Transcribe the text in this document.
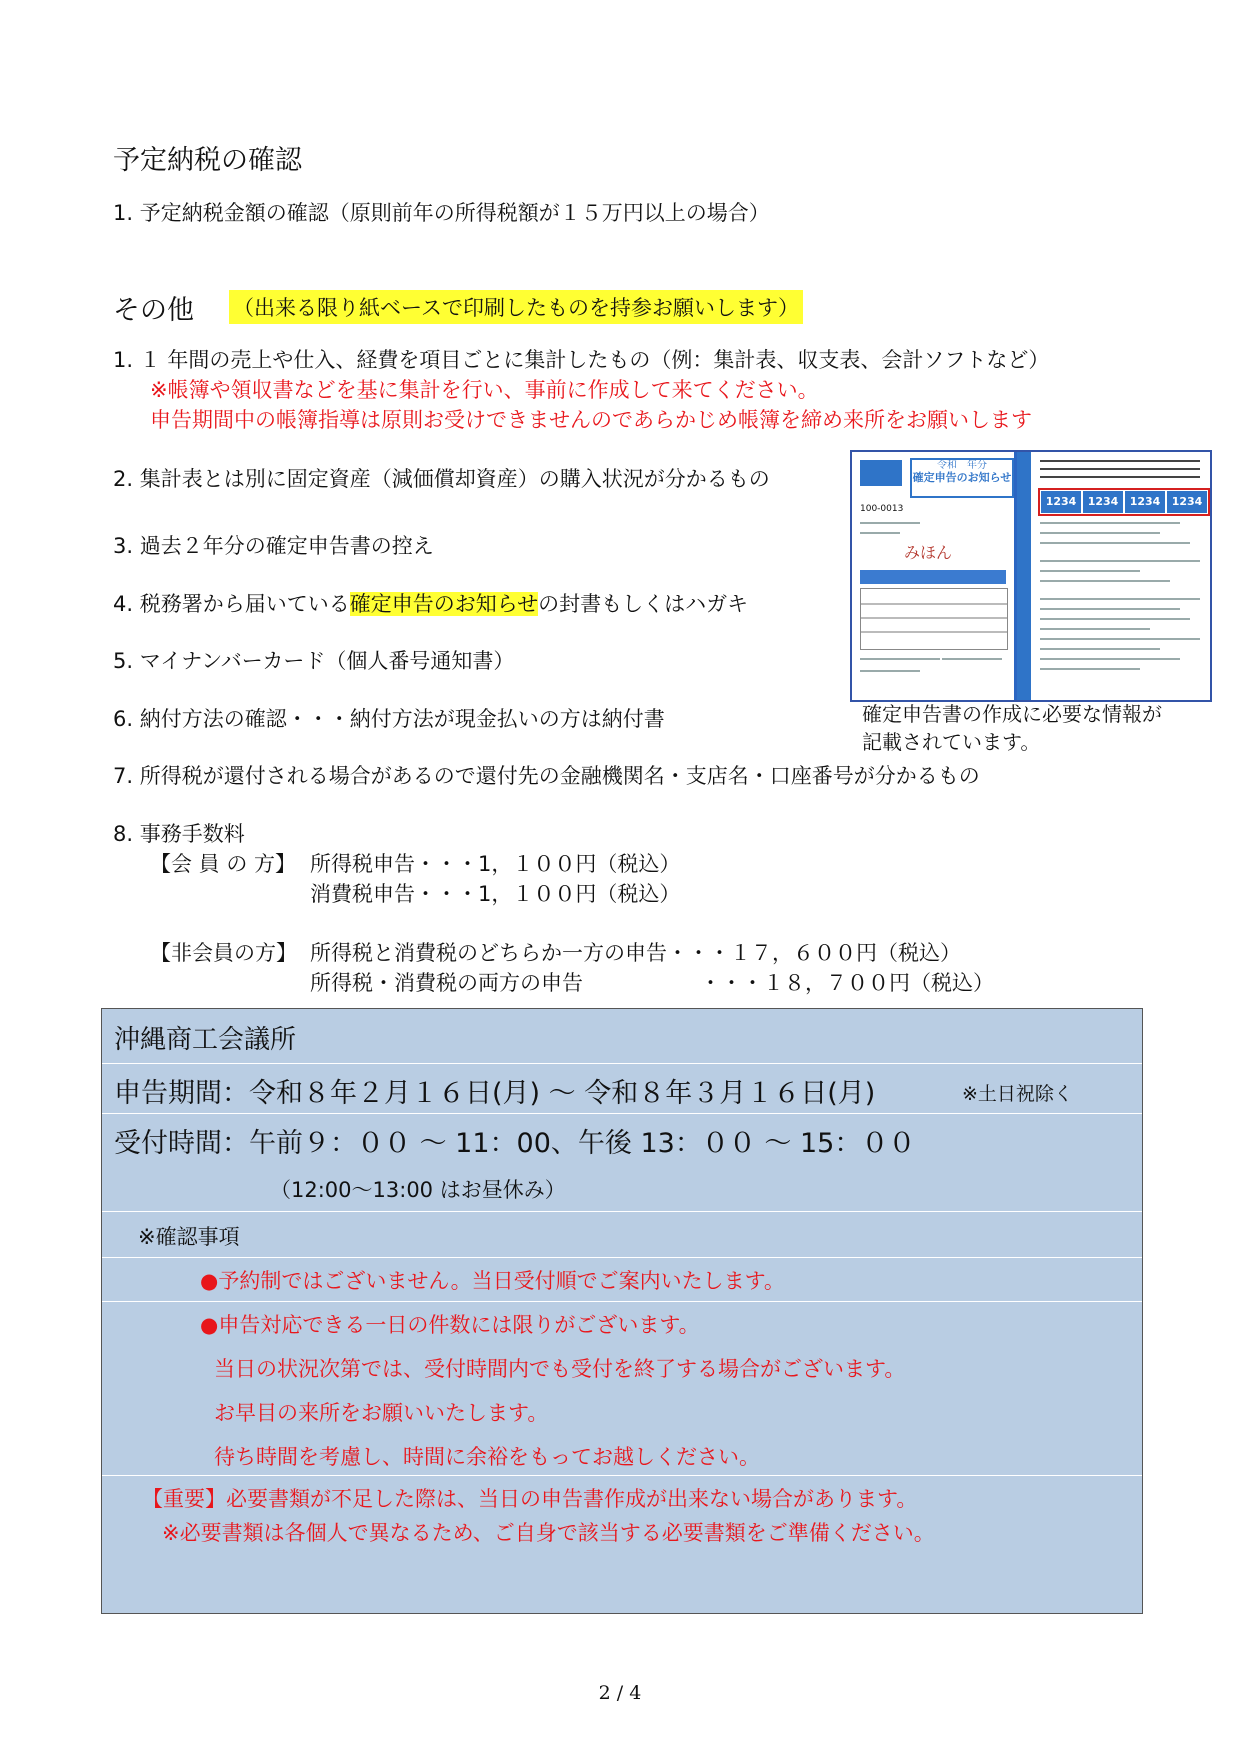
予定納税の確認
1. 予定納税金額の確認（原則前年の所得税額が１５万円以上の場合）
その他 （出来る限り紙ベースで印刷したものを持参お願いします）
1. １ 年間の売上や仕入、経費を項目ごとに集計したもの（例：集計表、収支表、会計ソフトなど）
※帳簿や領収書などを基に集計を行い、事前に作成して来てください。
申告期間中の帳簿指導は原則お受けできませんのであらかじめ帳簿を締め来所をお願いします
2. 集計表とは別に固定資産（減価償却資産）の購入状況が分かるもの
3. 過去２年分の確定申告書の控え
4. 税務署から届いている確定申告のお知らせの封書もしくはハガキ
5. マイナンバーカード（個人番号通知書）
6. 納付方法の確認・・・納付方法が現金払いの方は納付書
7. 所得税が還付される場合があるので還付先の金融機関名・支店名・口座番号が分かるもの
8. 事務手数料
【会 員 の 方】 所得税申告・・・1，１００円（税込）
消費税申告・・・1，１００円（税込）
【非会員の方】 所得税と消費税のどちらか一方の申告・・・１７，６００円（税込）
所得税・消費税の両方の申告	・・・１８，７００円（税込）
令和　年分
確定申告のお知らせ
100-0013
みほん
1234	1234	1234	1234
確定申告書の作成に必要な情報が
記載されています。
沖縄商工会議所
申告期間：令和８年２月１６日(月) 〜 令和８年３月１６日(月)	※土日祝除く
受付時間：午前９：００ 〜 11：00、午後 13：００ 〜 15：００
（12:00〜13:00 はお昼休み）
※確認事項
●予約制ではございません。当日受付順でご案内いたします。
●申告対応できる一日の件数には限りがございます。
当日の状況次第では、受付時間内でも受付を終了する場合がございます。
お早目の来所をお願いいたします。
待ち時間を考慮し、時間に余裕をもってお越しください。
【重要】必要書類が不足した際は、当日の申告書作成が出来ない場合があります。
※必要書類は各個人で異なるため、ご自身で該当する必要書類をご準備ください。
2 / 4
